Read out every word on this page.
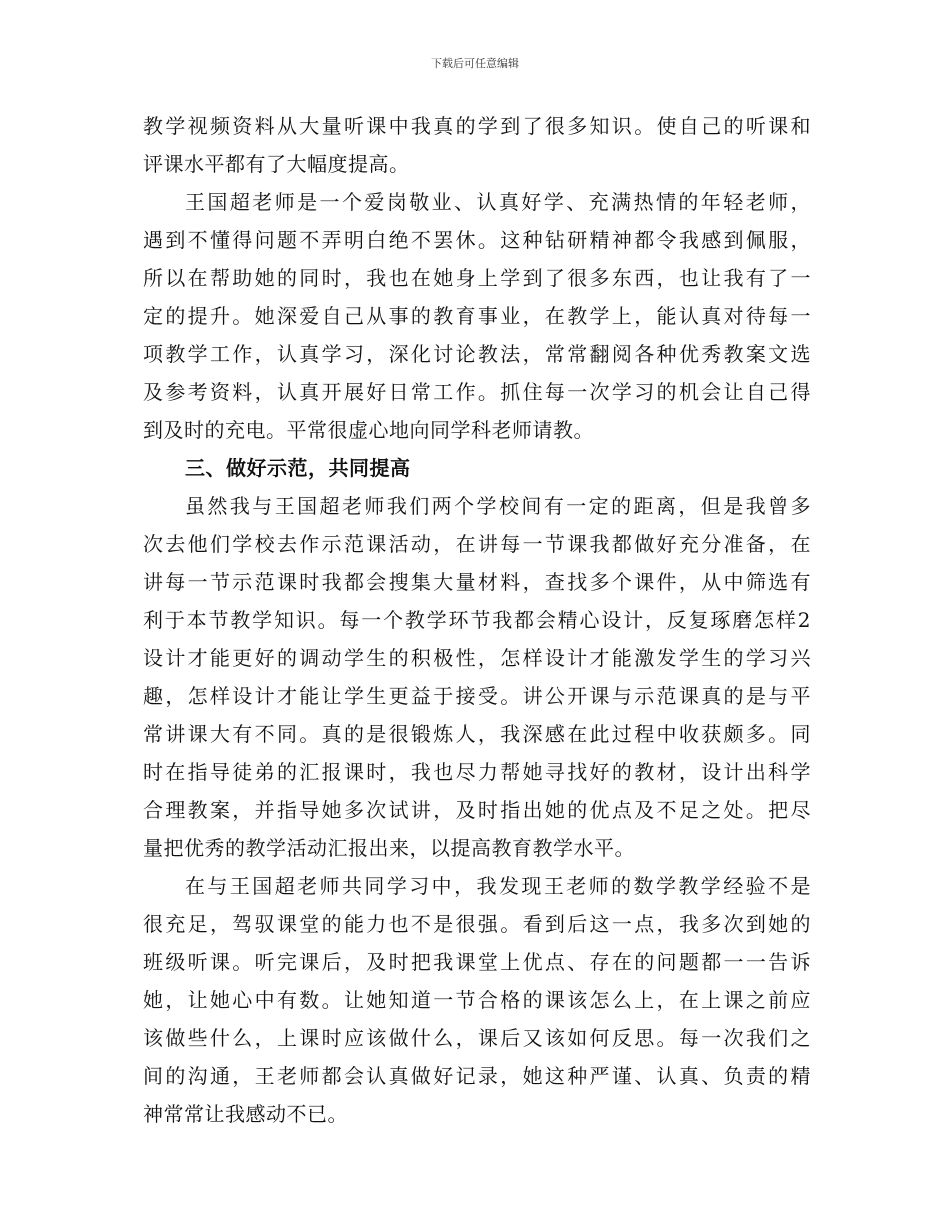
下载后可任意编辑
教学视频资料从大量听课中我真的学到了很多知识。使自己的听课和
评课水平都有了大幅度提高。
王国超老师是一个爱岗敬业、认真好学、充满热情的年轻老师，
遇到不懂得问题不弄明白绝不罢休。这种钻研精神都令我感到佩服，
所以在帮助她的同时，我也在她身上学到了很多东西，也让我有了一
定的提升。她深爱自己从事的教育事业，在教学上，能认真对待每一
项教学工作，认真学习，深化讨论教法，常常翻阅各种优秀教案文选
及参考资料，认真开展好日常工作。抓住每一次学习的机会让自己得
到及时的充电。平常很虚心地向同学科老师请教。
三、做好示范，共同提高
虽然我与王国超老师我们两个学校间有一定的距离，但是我曾多
次去他们学校去作示范课活动，在讲每一节课我都做好充分准备，在
讲每一节示范课时我都会搜集大量材料，查找多个课件，从中筛选有
利于本节教学知识。每一个教学环节我都会精心设计，反复琢磨怎样2
设计才能更好的调动学生的积极性，怎样设计才能激发学生的学习兴
趣，怎样设计才能让学生更益于接受。讲公开课与示范课真的是与平
常讲课大有不同。真的是很锻炼人，我深感在此过程中收获颇多。同
时在指导徒弟的汇报课时，我也尽力帮她寻找好的教材，设计出科学
合理教案，并指导她多次试讲，及时指出她的优点及不足之处。把尽
量把优秀的教学活动汇报出来，以提高教育教学水平。
在与王国超老师共同学习中，我发现王老师的数学教学经验不是
很充足，驾驭课堂的能力也不是很强。看到后这一点，我多次到她的
班级听课。听完课后，及时把我课堂上优点、存在的问题都一一告诉
她，让她心中有数。让她知道一节合格的课该怎么上，在上课之前应
该做些什么，上课时应该做什么，课后又该如何反思。每一次我们之
间的沟通，王老师都会认真做好记录，她这种严谨、认真、负责的精
神常常让我感动不已。
